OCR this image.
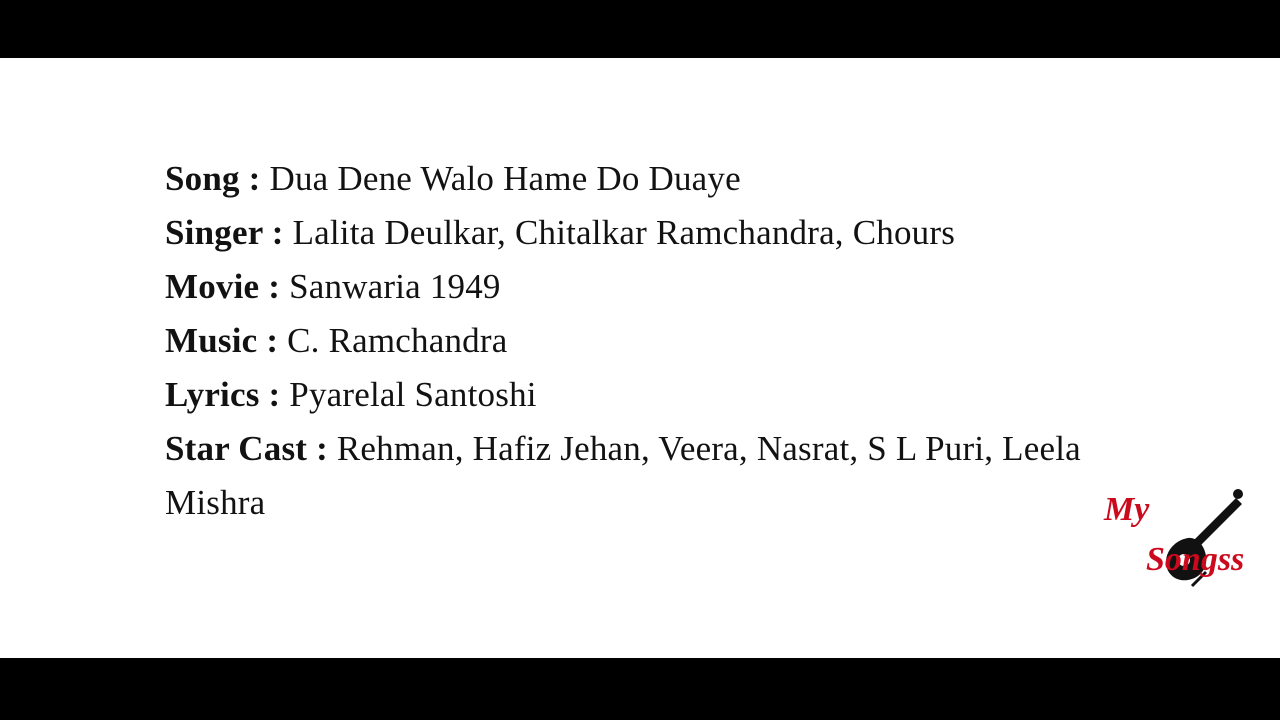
Song : Dua Dene Walo Hame Do Duaye
Singer : Lalita Deulkar, Chitalkar Ramchandra, Chours
Movie : Sanwaria 1949
Music : C. Ramchandra
Lyrics : Pyarelal Santoshi
Star Cast : Rehman, Hafiz Jehan, Veera, Nasrat, S L Puri, Leela Mishra	My
Songss
